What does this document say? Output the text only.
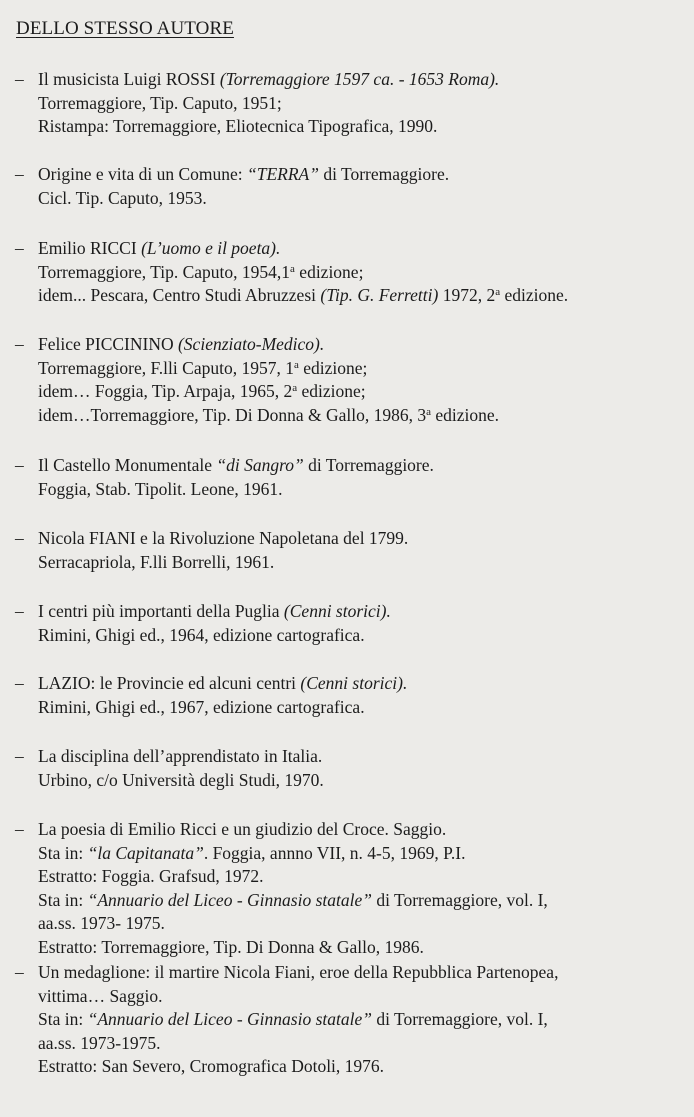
DELLO STESSO AUTORE
– Il musicista Luigi ROSSI (Torremaggiore 1597 ca. - 1653 Roma).
Torremaggiore, Tip. Caputo, 1951;
Ristampa: Torremaggiore, Eliotecnica Tipografica, 1990.
– Origine e vita di un Comune: “TERRA” di Torremaggiore.
Cicl. Tip. Caputo, 1953.
– Emilio RICCI (L’uomo e il poeta).
Torremaggiore, Tip. Caputo, 1954,1$^a$ edizione;
idem... Pescara, Centro Studi Abruzzesi (Tip. G. Ferretti) 1972, 2$^a$ edizione.
– Felice PICCININO (Scienziato-Medico).
Torremaggiore, F.lli Caputo, 1957, 1$^a$ edizione;
idem… Foggia, Tip. Arpaja, 1965, 2$^a$ edizione;
idem…Torremaggiore, Tip. Di Donna & Gallo, 1986, 3$^a$ edizione.
– Il Castello Monumentale “di Sangro” di Torremaggiore.
Foggia, Stab. Tipolit. Leone, 1961.
– Nicola FIANI e la Rivoluzione Napoletana del 1799.
Serracapriola, F.lli Borrelli, 1961.
– I centri più importanti della Puglia (Cenni storici).
Rimini, Ghigi ed., 1964, edizione cartografica.
– LAZIO: le Provincie ed alcuni centri (Cenni storici).
Rimini, Ghigi ed., 1967, edizione cartografica.
– La disciplina dell’apprendistato in Italia.
Urbino, c/o Università degli Studi, 1970.
– La poesia di Emilio Ricci e un giudizio del Croce. Saggio.
Sta in: “la Capitanata”. Foggia, annno VII, n. 4-5, 1969, P.I.
Estratto: Foggia. Grafsud, 1972.
Sta in: “Annuario del Liceo - Ginnasio statale” di Torremaggiore, vol. I,
aa.ss. 1973- 1975.
Estratto: Torremaggiore, Tip. Di Donna & Gallo, 1986.
– Un medaglione: il martire Nicola Fiani, eroe della Repubblica Partenopea,
vittima… Saggio.
Sta in: “Annuario del Liceo - Ginnasio statale” di Torremaggiore, vol. I,
aa.ss. 1973-1975.
Estratto: San Severo, Cromografica Dotoli, 1976.
